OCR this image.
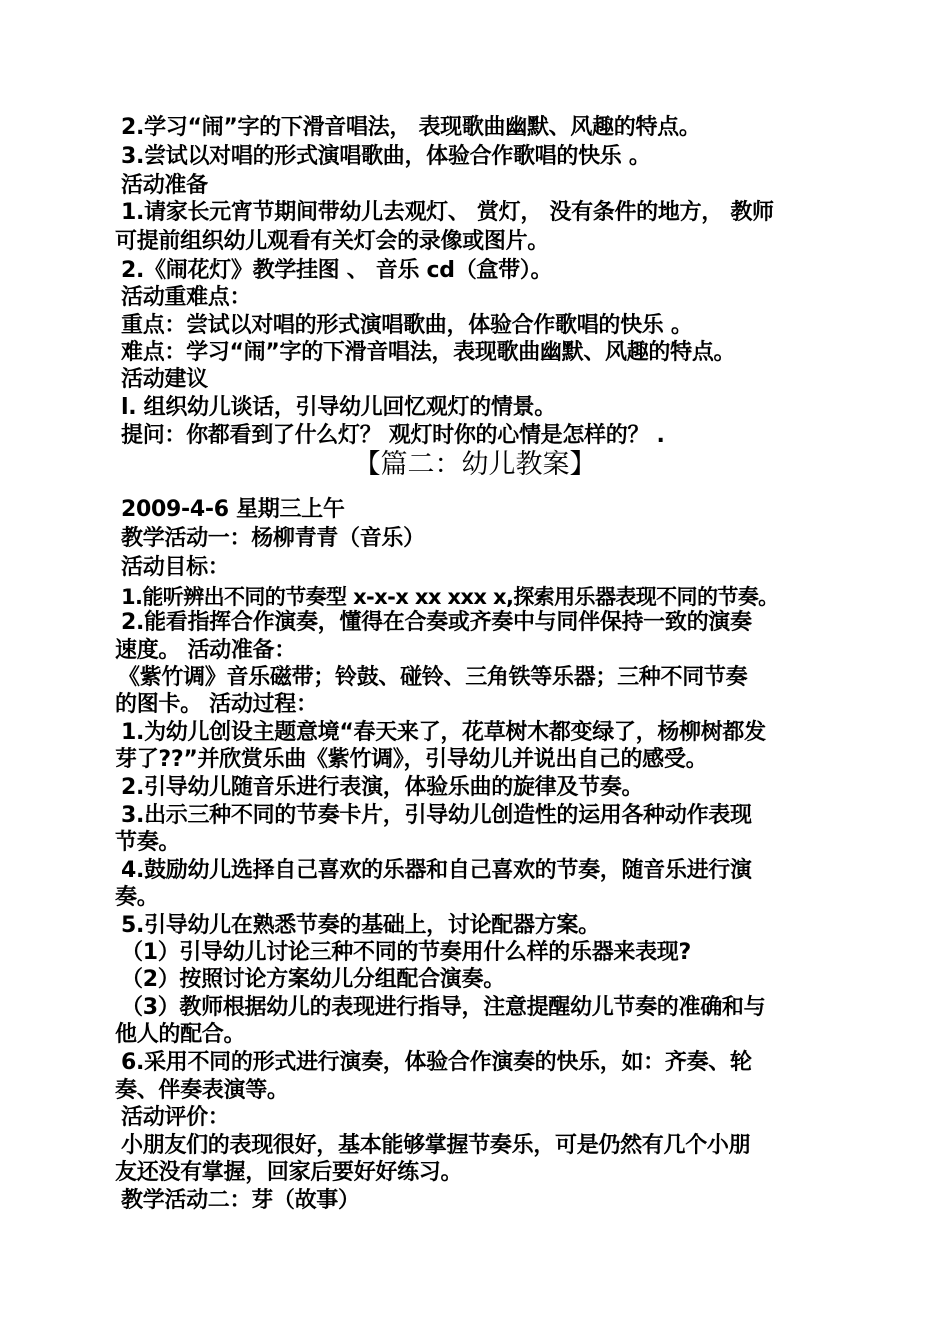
2.学习“闹”字的下滑音唱法， 表现歌曲幽默、风趣的特点。
3.尝试以对唱的形式演唱歌曲，体验合作歌唱的快乐 。
活动准备
1.请家长元宵节期间带幼儿去观灯、 赏灯， 没有条件的地方， 教师
可提前组织幼儿观看有关灯会的录像或图片。
2.《闹花灯》教学挂图 、 音乐 cd（盒带）。
活动重难点：
重点：尝试以对唱的形式演唱歌曲，体验合作歌唱的快乐 。
难点：学习“闹”字的下滑音唱法，表现歌曲幽默、风趣的特点。
活动建议
l. 组织幼儿谈话，引导幼儿回忆观灯的情景。
提问：你都看到了什么灯？ 观灯时你的心情是怎样的？ .
【篇二：幼儿教案】
2009-4-6 星期三上午
教学活动一：杨柳青青（音乐）
活动目标：
1.能听辨出不同的节奏型 x-x-x xx xxx x,探索用乐器表现不同的节奏。
2.能看指挥合作演奏，懂得在合奏或齐奏中与同伴保持一致的演奏
速度。 活动准备：
《紫竹调》音乐磁带；铃鼓、碰铃、三角铁等乐器；三种不同节奏
的图卡。 活动过程：
1.为幼儿创设主题意境“春天来了，花草树木都变绿了，杨柳树都发
芽了??”并欣赏乐曲《紫竹调》，引导幼儿并说出自己的感受。
2.引导幼儿随音乐进行表演，体验乐曲的旋律及节奏。
3.出示三种不同的节奏卡片，引导幼儿创造性的运用各种动作表现
节奏。
4.鼓励幼儿选择自己喜欢的乐器和自己喜欢的节奏，随音乐进行演
奏。
5.引导幼儿在熟悉节奏的基础上，讨论配器方案。
（1）引导幼儿讨论三种不同的节奏用什么样的乐器来表现?
（2）按照讨论方案幼儿分组配合演奏。
（3）教师根据幼儿的表现进行指导，注意提醒幼儿节奏的准确和与
他人的配合。
6.采用不同的形式进行演奏，体验合作演奏的快乐，如：齐奏、轮
奏、伴奏表演等。
活动评价：
小朋友们的表现很好，基本能够掌握节奏乐，可是仍然有几个小朋
友还没有掌握，回家后要好好练习。
教学活动二：芽（故事）
